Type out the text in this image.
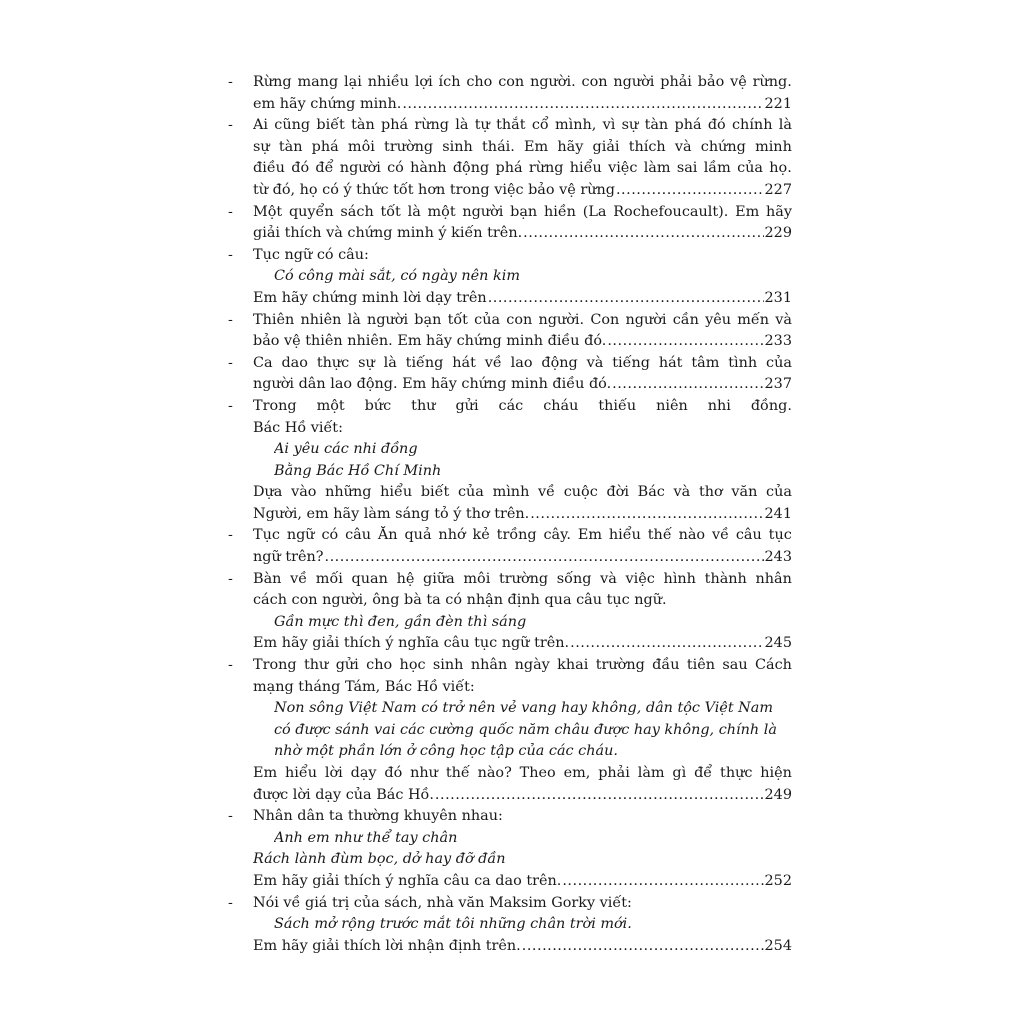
-	Rừng mang lại nhiều lợi ích cho con người. con người phải bảo vệ rừng.
em hãy chứng minh. .....	221
-	Ai cũng biết tàn phá rừng là tự thắt cổ mình, vì sự tàn phá đó chính là
sự tàn phá môi trường sinh thái. Em hãy giải thích và chứng minh
điều đó để người có hành động phá rừng hiểu việc làm sai lầm của họ.
từ đó, họ có ý thức tốt hơn trong việc bảo vệ rừng .....	227
-	Một quyển sách tốt là một người bạn hiền (La Rochefoucault). Em hãy
giải thích và chứng minh ý kiến trên. .....	229
-	Tục ngữ có câu:
Có công mài sắt, có ngày nên kim
Em hãy chứng minh lời dạy trên .....	231
-	Thiên nhiên là người bạn tốt của con người. Con người cần yêu mến và
bảo vệ thiên nhiên. Em hãy chứng minh điều đó. .....	233
-	Ca dao thực sự là tiếng hát về lao động và tiếng hát tâm tình của
người dân lao động. Em hãy chứng minh điều đó. .....	237
-	Trong một bức thư gửi các cháu thiếu niên nhi đồng.
Bác Hồ viết:
Ai yêu các nhi đồng
Bằng Bác Hồ Chí Minh
Dựa vào những hiểu biết của mình về cuộc đời Bác và thơ văn của
Người, em hãy làm sáng tỏ ý thơ trên. .....	241
-	Tục ngữ có câu Ăn quả nhớ kẻ trồng cây. Em hiểu thế nào về câu tục
ngữ trên? .....	243
-	Bàn về mối quan hệ giữa môi trường sống và việc hình thành nhân
cách con người, ông bà ta có nhận định qua câu tục ngữ.
Gần mực thì đen, gần đèn thì sáng
Em hãy giải thích ý nghĩa câu tục ngữ trên. .....	245
-	Trong thư gửi cho học sinh nhân ngày khai trường đầu tiên sau Cách
mạng tháng Tám, Bác Hồ viết:
Non sông Việt Nam có trở nên vẻ vang hay không, dân tộc Việt Nam
có được sánh vai các cường quốc năm châu được hay không, chính là
nhờ một phần lớn ở công học tập của các cháu.
Em hiểu lời dạy đó như thế nào? Theo em, phải làm gì để thực hiện
được lời dạy của Bác Hồ. .....	249
-	Nhân dân ta thường khuyên nhau:
Anh em như thể tay chân
Rách lành đùm bọc, dở hay đỡ đần
Em hãy giải thích ý nghĩa câu ca dao trên. .....	252
-	Nói về giá trị của sách, nhà văn Maksim Gorky viết:
Sách mở rộng trước mắt tôi những chân trời mới.
Em hãy giải thích lời nhận định trên. .....	254
